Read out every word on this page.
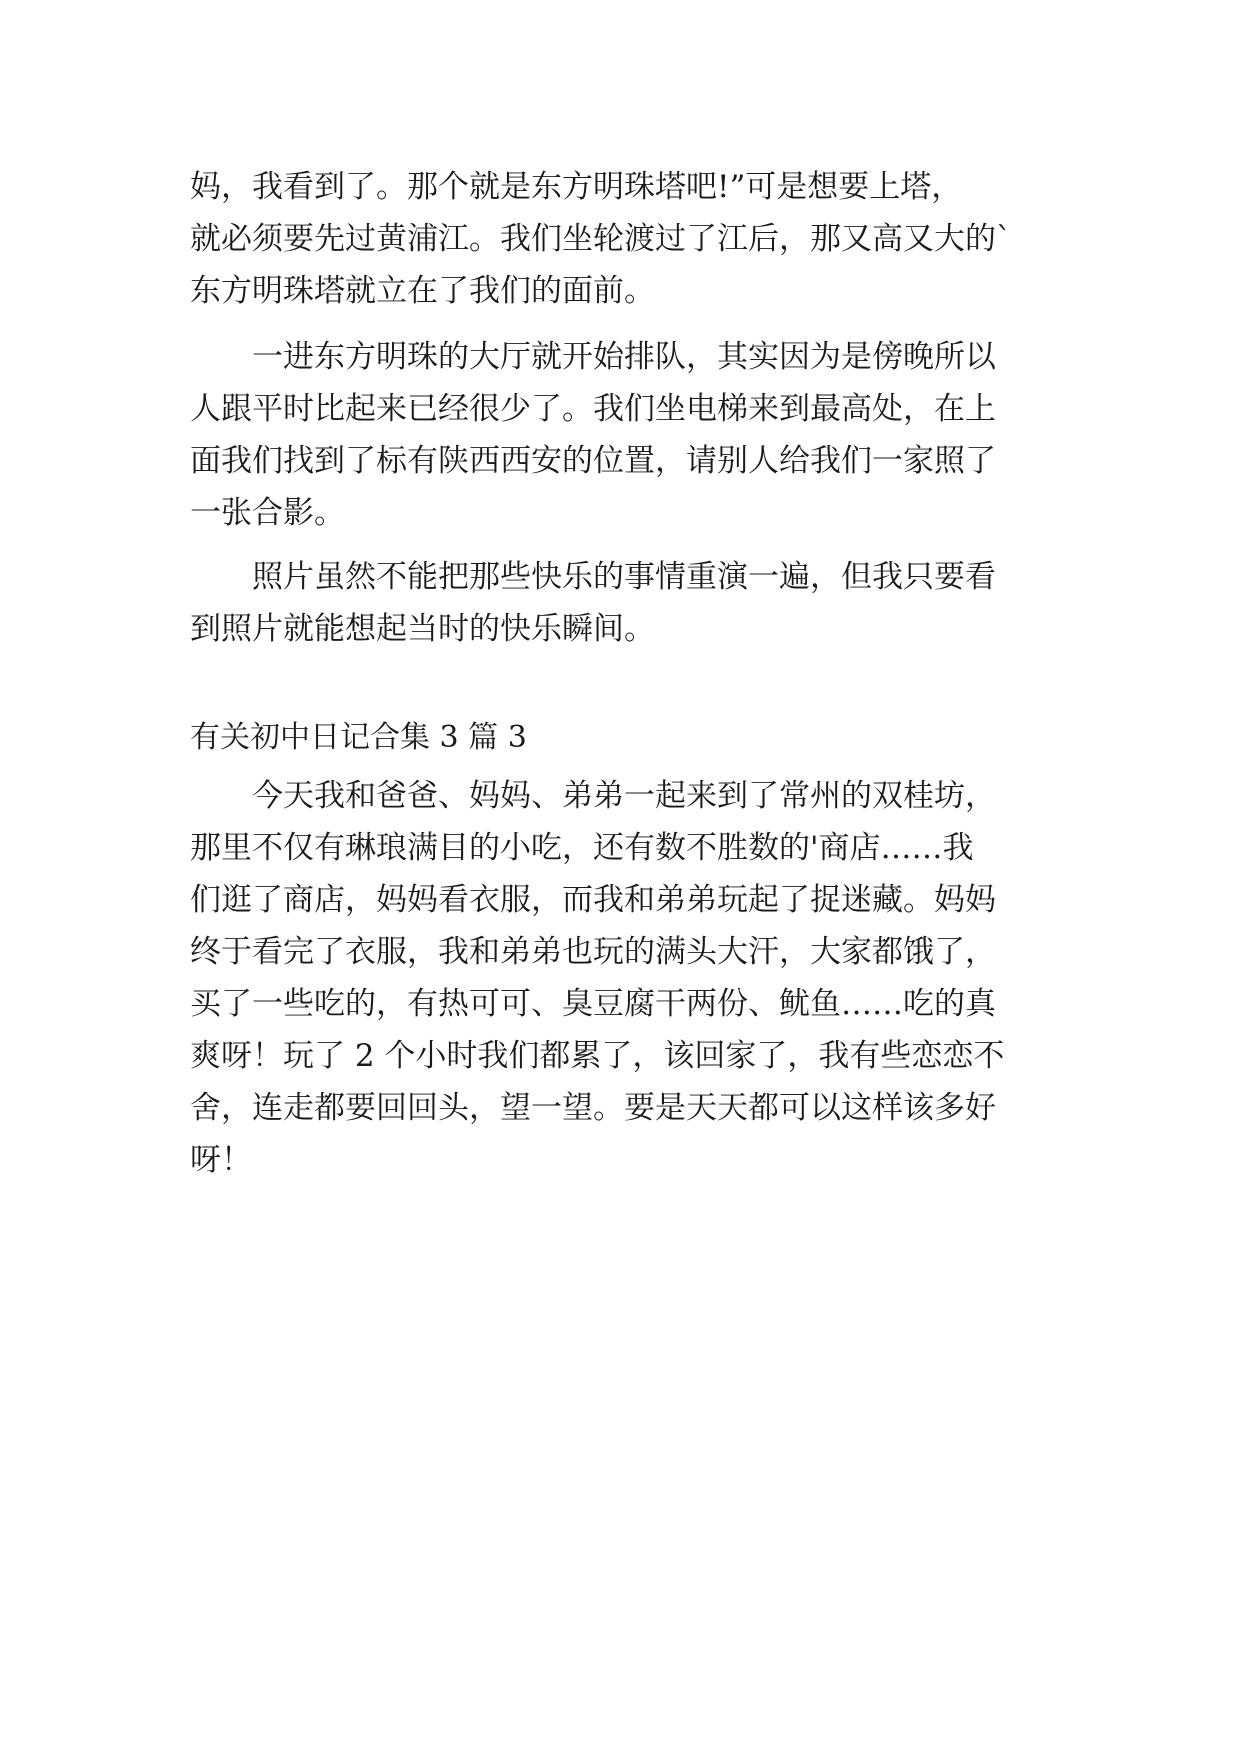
妈，我看到了。那个就是东方明珠塔吧!”可是想要上塔，
就必须要先过黄浦江。我们坐轮渡过了江后，那又高又大的`
东方明珠塔就立在了我们的面前。
一进东方明珠的大厅就开始排队，其实因为是傍晚所以
人跟平时比起来已经很少了。我们坐电梯来到最高处，在上
面我们找到了标有陕西西安的位置，请别人给我们一家照了
一张合影。
照片虽然不能把那些快乐的事情重演一遍，但我只要看
到照片就能想起当时的快乐瞬间。
有关初中日记合集 3 篇 3
今天我和爸爸、妈妈、弟弟一起来到了常州的双桂坊，
那里不仅有琳琅满目的小吃，还有数不胜数的'商店……我
们逛了商店，妈妈看衣服，而我和弟弟玩起了捉迷藏。妈妈
终于看完了衣服，我和弟弟也玩的满头大汗，大家都饿了，
买了一些吃的，有热可可、臭豆腐干两份、鱿鱼……吃的真
爽呀！玩了 2 个小时我们都累了，该回家了，我有些恋恋不
舍，连走都要回回头，望一望。要是天天都可以这样该多好
呀！
